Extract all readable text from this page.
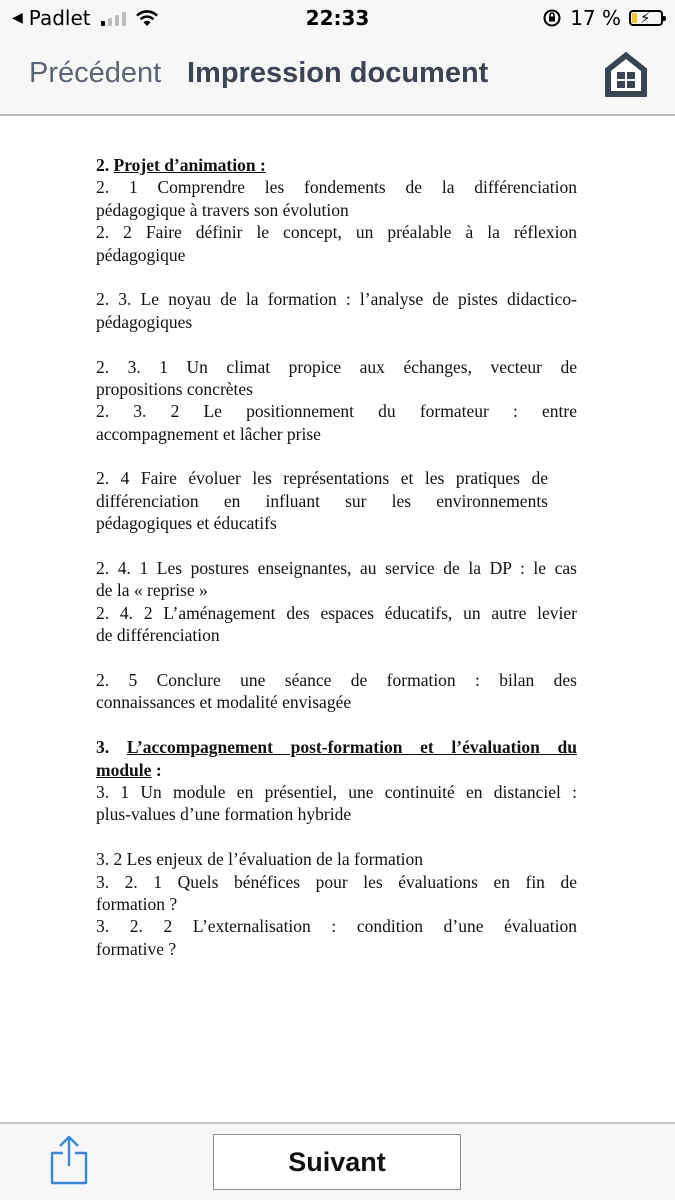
◀ Padlet	22:33	17 % ⚡
Précédent Impression document
2. Projet d’animation :
2. 1 Comprendre les fondements de la différenciation
pédagogique à travers son évolution
2. 2 Faire définir le concept, un préalable à la réflexion
pédagogique
2. 3. Le noyau de la formation : l’analyse de pistes didactico-
pédagogiques
2. 3. 1 Un climat propice aux échanges, vecteur de
propositions concrètes
2. 3. 2 Le positionnement du formateur : entre
accompagnement et lâcher prise
2. 4 Faire évoluer les représentations et les pratiques de
différenciation en influant sur les environnements
pédagogiques et éducatifs
2. 4. 1 Les postures enseignantes, au service de la DP : le cas
de la « reprise »
2. 4. 2 L’aménagement des espaces éducatifs, un autre levier
de différenciation
2. 5 Conclure une séance de formation : bilan des
connaissances et modalité envisagée
3. L’accompagnement post-formation et l’évaluation du
module :
3. 1 Un module en présentiel, une continuité en distanciel :
plus-values d’une formation hybride
3. 2 Les enjeux de l’évaluation de la formation
3. 2. 1 Quels bénéfices pour les évaluations en fin de
formation ?
3. 2. 2 L’externalisation : condition d’une évaluation
formative ?
Suivant
